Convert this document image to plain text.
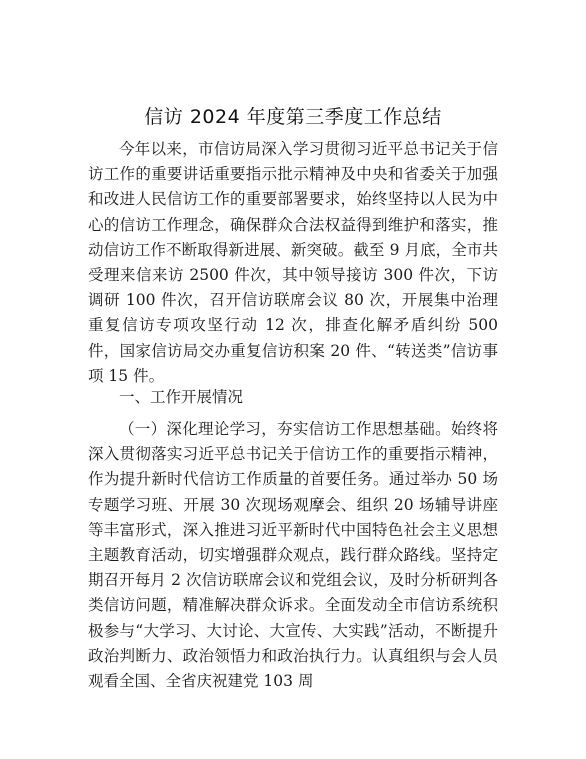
信访 2024 年度第三季度工作总结
今年以来，市信访局深入学习贯彻习近平总书记关于信访工作的重要讲话重要指示批示精神及中央和省委关于加强和改进人民信访工作的重要部署要求，始终坚持以人民为中心的信访工作理念，确保群众合法权益得到维护和落实，推动信访工作不断取得新进展、新突破。截至 9 月底，全市共受理来信来访 2500 件次，其中领导接访 300 件次，下访调研 100 件次，召开信访联席会议 80 次，开展集中治理重复信访专项攻坚行动 12 次，排查化解矛盾纠纷 500 件，国家信访局交办重复信访积案 20 件、“转送类”信访事项 15 件。
一、工作开展情况
（一）深化理论学习，夯实信访工作思想基础。始终将深入贯彻落实习近平总书记关于信访工作的重要指示精神，作为提升新时代信访工作质量的首要任务。通过举办 50 场专题学习班、开展 30 次现场观摩会、组织 20 场辅导讲座等丰富形式，深入推进习近平新时代中国特色社会主义思想主题教育活动，切实增强群众观点，践行群众路线。坚持定期召开每月 2 次信访联席会议和党组会议，及时分析研判各类信访问题，精准解决群众诉求。全面发动全市信访系统积极参与“大学习、大讨论、大宣传、大实践”活动，不断提升政治判断力、政治领悟力和政治执行力。认真组织与会人员观看全国、全省庆祝建党 103 周
